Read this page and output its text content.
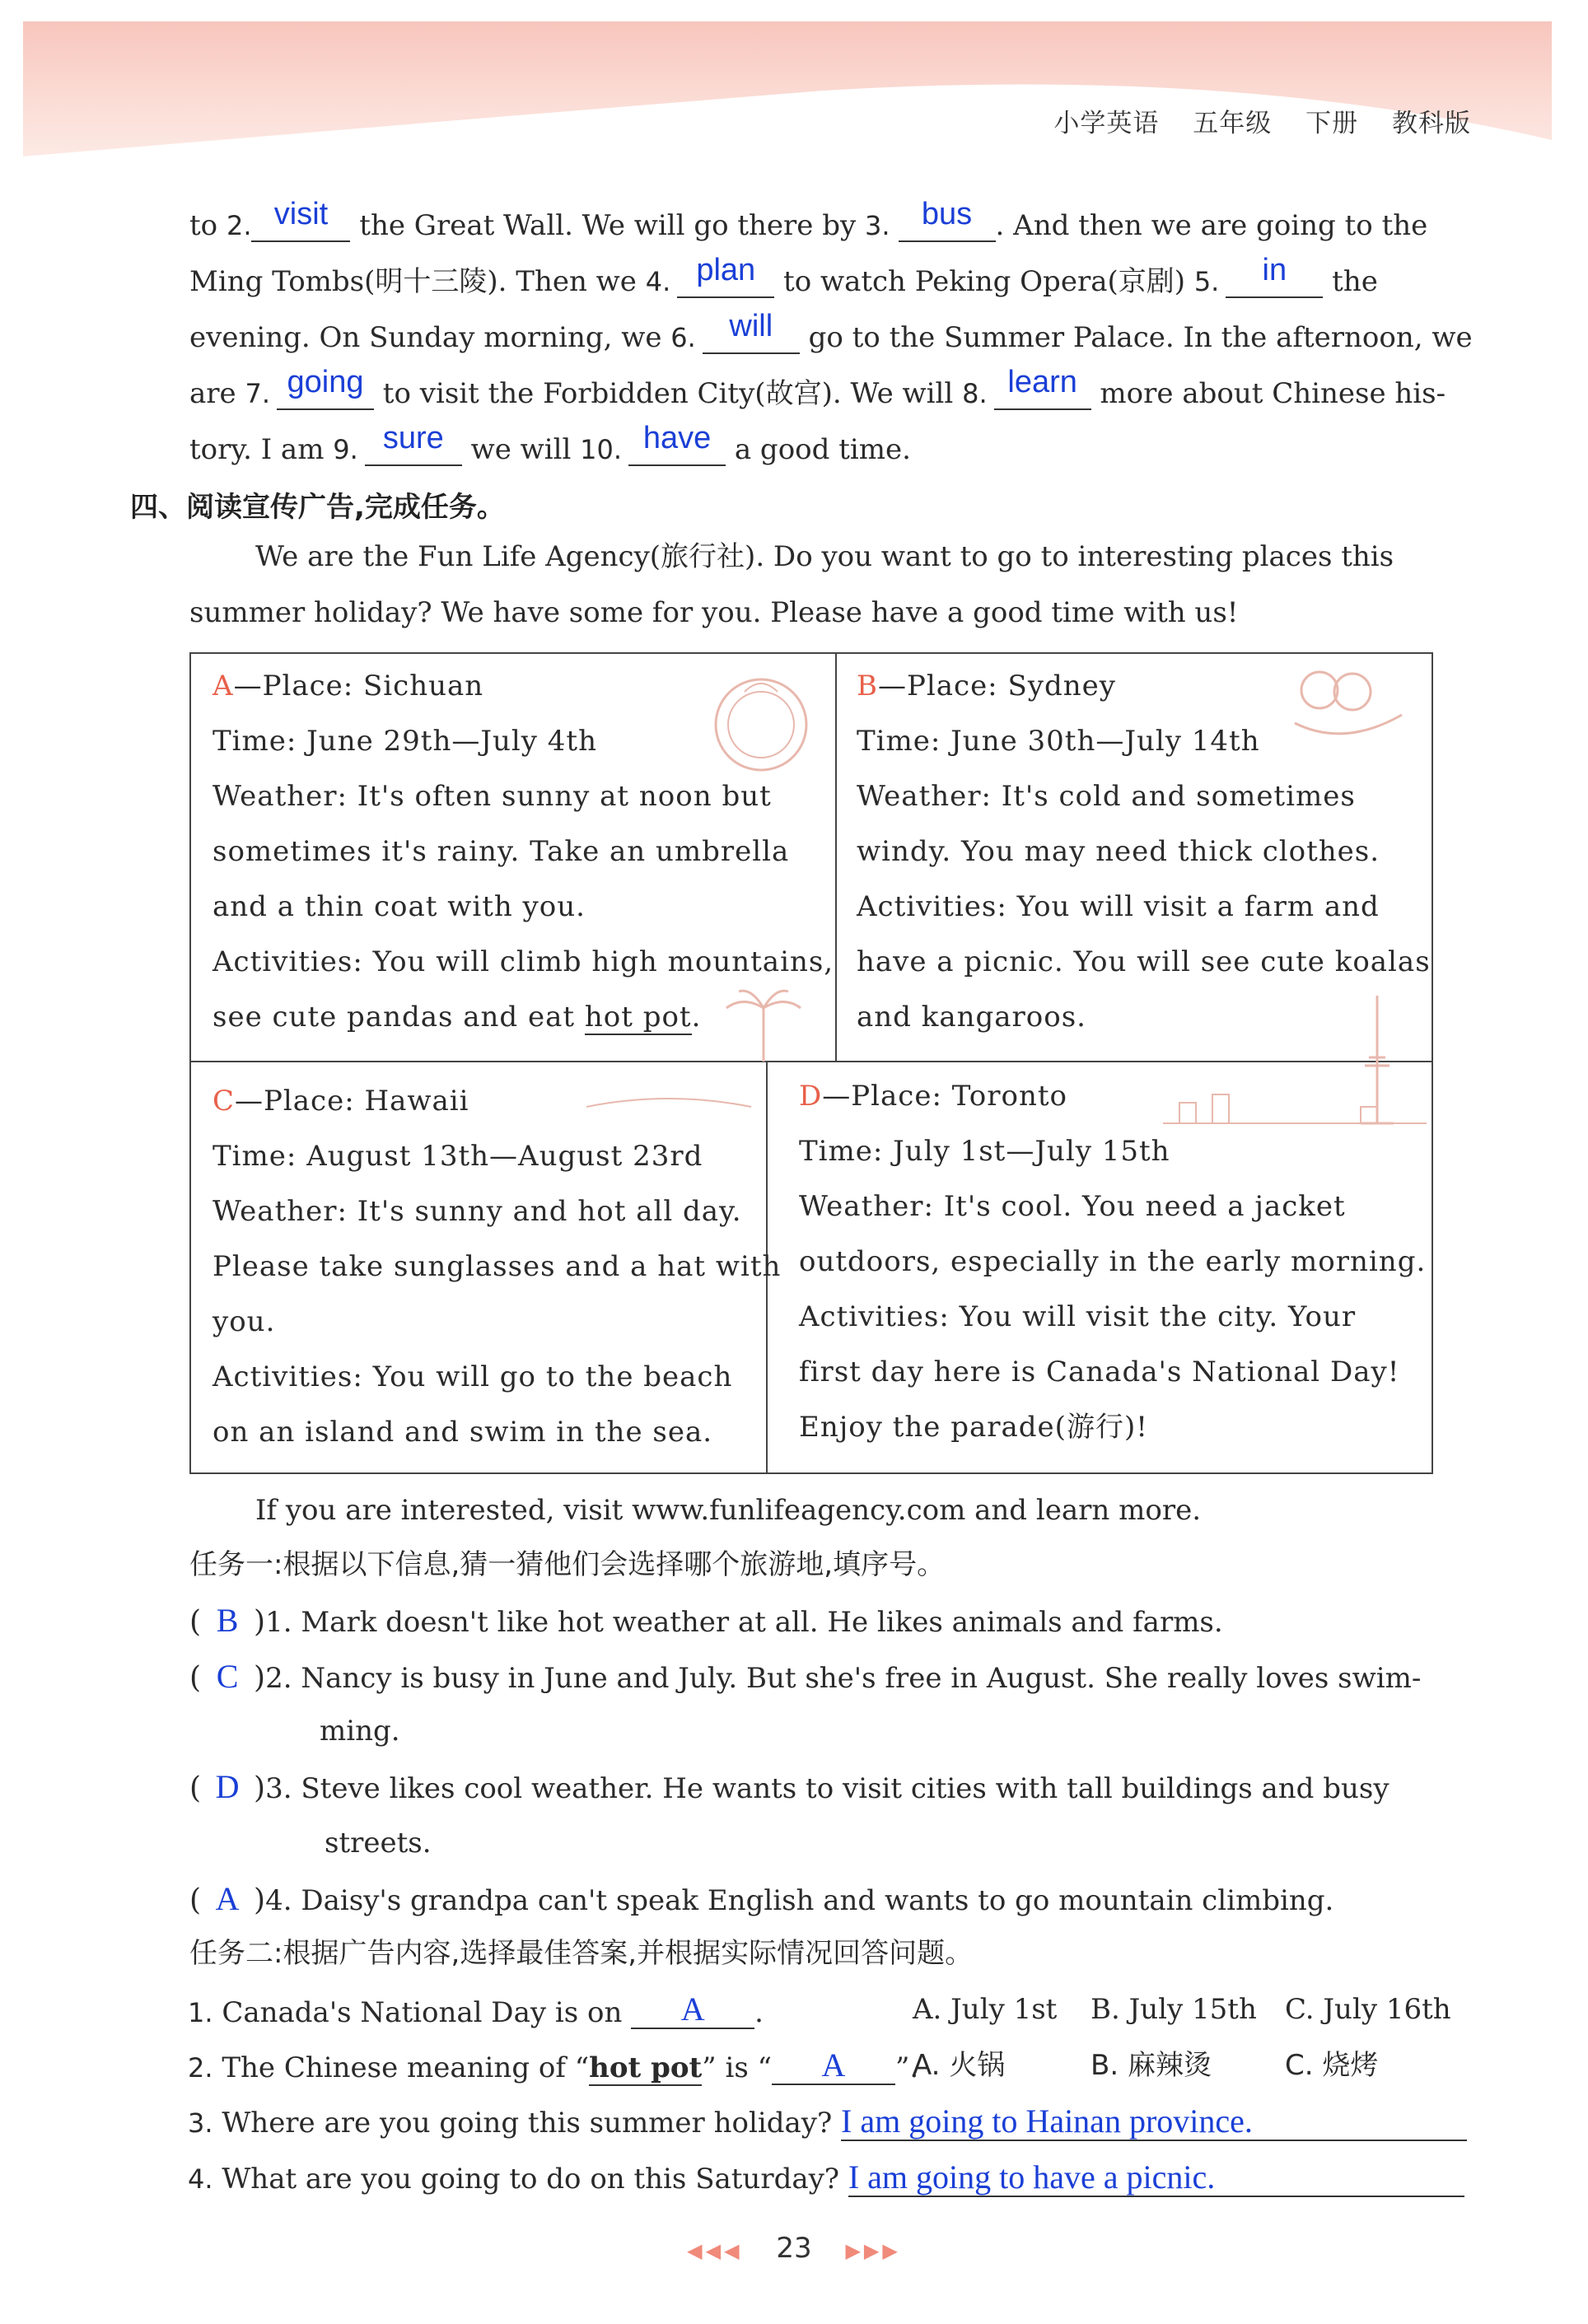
小学英语 五年级 下册 教科版
to 2. visit the Great Wall. We will go there by 3. bus . And then we are going to the
Ming Tombs(明十三陵). Then we 4. plan to watch Peking Opera(京剧) 5. in the
evening. On Sunday morning, we 6. will go to the Summer Palace. In the afternoon, we
are 7. going to visit the Forbidden City(故宫). We will 8. learn more about Chinese his-
tory. I am 9. sure we will 10. have a good time.
四、阅读宣传广告,完成任务。
We are the Fun Life Agency(旅行社). Do you want to go to interesting places this
summer holiday? We have some for you. Please have a good time with us!
A—Place: Sichuan
Time: June 29th—July 4th
Weather: It's often sunny at noon but
sometimes it's rainy. Take an umbrella
and a thin coat with you.
Activities: You will climb high mountains,
see cute pandas and eat hot pot.
B—Place: Sydney
Time: June 30th—July 14th
Weather: It's cold and sometimes
windy. You may need thick clothes.
Activities: You will visit a farm and
have a picnic. You will see cute koalas
and kangaroos.
C—Place: Hawaii
Time: August 13th—August 23rd
Weather: It's sunny and hot all day.
Please take sunglasses and a hat with
you.
Activities: You will go to the beach
on an island and swim in the sea.
D—Place: Toronto
Time: July 1st—July 15th
Weather: It's cool. You need a jacket
outdoors, especially in the early morning.
Activities: You will visit the city. Your
first day here is Canada's National Day!
Enjoy the parade(游行)!
If you are interested, visit www.funlifeagency.com and learn more.
任务一:根据以下信息,猜一猜他们会选择哪个旅游地,填序号。
( B )1. Mark doesn't like hot weather at all. He likes animals and farms.
( C )2. Nancy is busy in June and July. But she's free in August. She really loves swim-
ming.
( D )3. Steve likes cool weather. He wants to visit cities with tall buildings and busy
streets.
( A )4. Daisy's grandpa can't speak English and wants to go mountain climbing.
任务二:根据广告内容,选择最佳答案,并根据实际情况回答问题。
1. Canada's National Day is on A .	A. July 1st B. July 15th C. July 16th
2. The Chinese meaning of “hot pot” is “ A ”.
A. 火锅	B. 麻辣烫	C. 烧烤
3. Where are you going this summer holiday? I am going to Hainan province.
4. What are you going to do on this Saturday? I am going to have a picnic.
◀◀◀ 23 ▶▶▶
